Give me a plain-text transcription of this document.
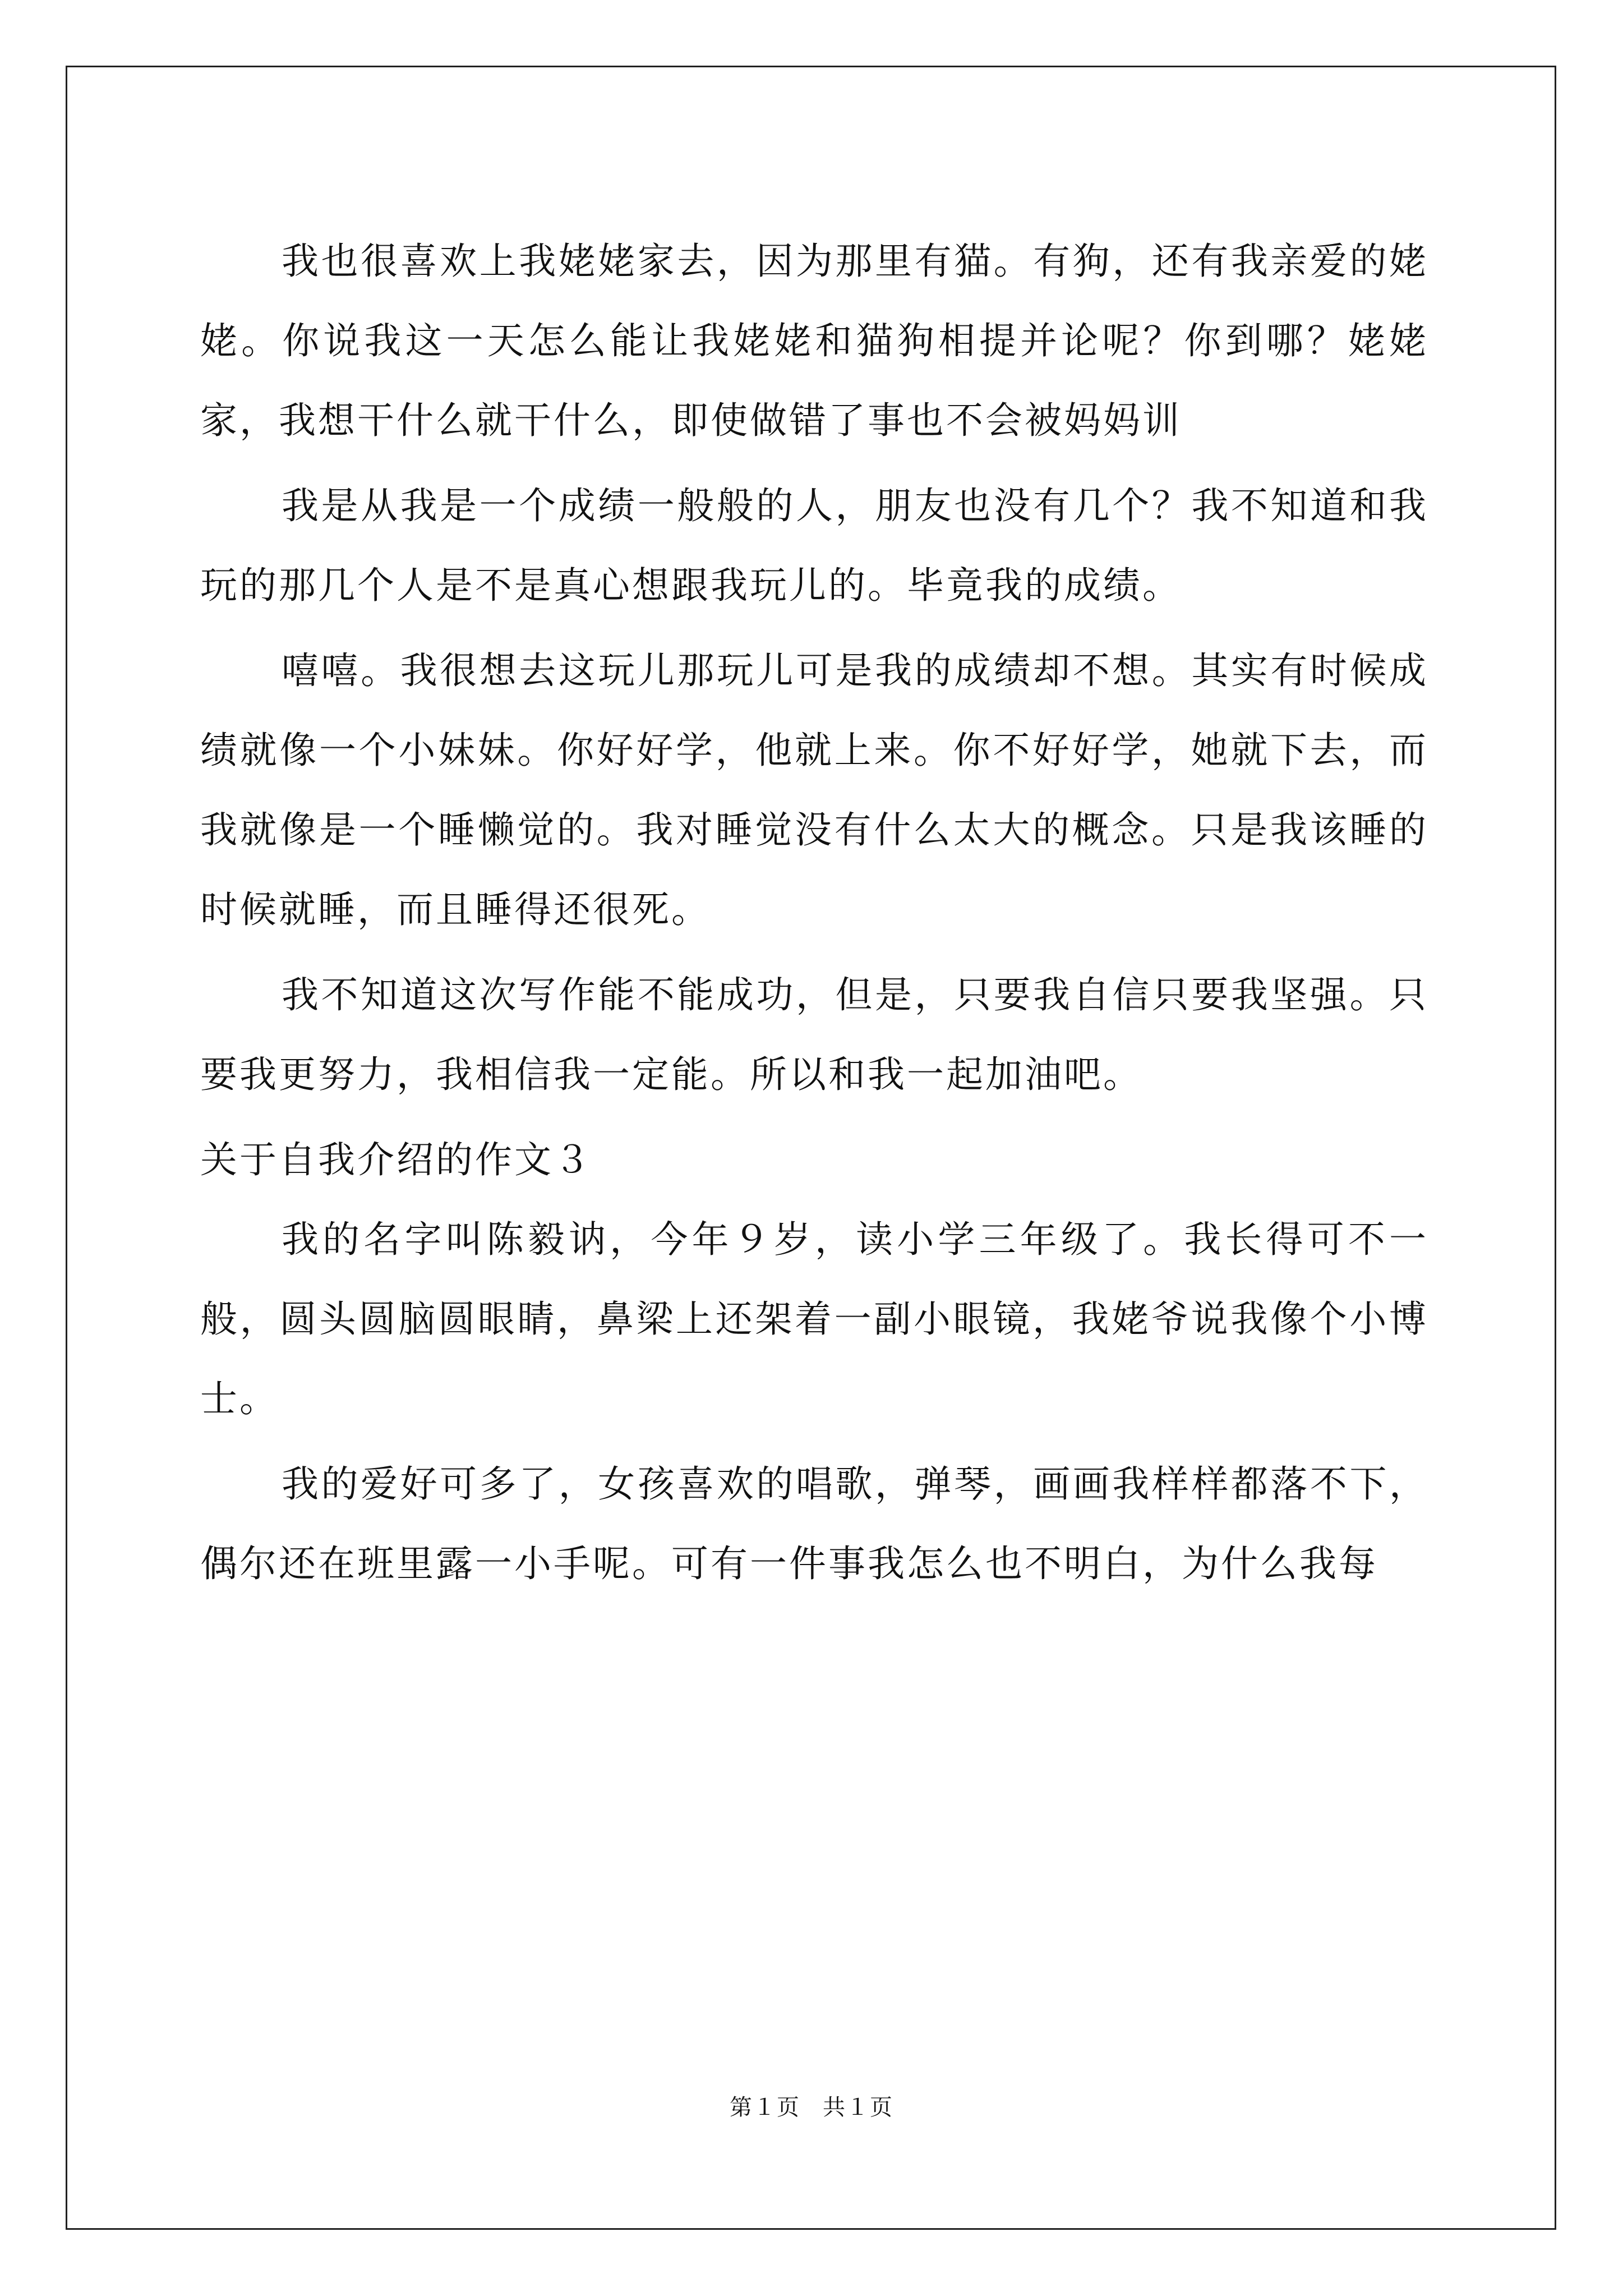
我也很喜欢上我姥姥家去，因为那里有猫。有狗，还有我亲爱的姥姥。你说我这一天怎么能让我姥姥和猫狗相提并论呢？你到哪？姥姥家，我想干什么就干什么，即使做错了事也不会被妈妈训

我是从我是一个成绩一般般的人，朋友也没有几个？我不知道和我玩的那几个人是不是真心想跟我玩儿的。毕竟我的成绩。

嘻嘻。我很想去这玩儿那玩儿可是我的成绩却不想。其实有时候成绩就像一个小妹妹。你好好学，他就上来。你不好好学，她就下去，而我就像是一个睡懒觉的。我对睡觉没有什么太大的概念。只是我该睡的时候就睡，而且睡得还很死。

我不知道这次写作能不能成功，但是，只要我自信只要我坚强。只要我更努力，我相信我一定能。所以和我一起加油吧。

关于自我介绍的作文３

我的名字叫陈毅讷，今年９岁，读小学三年级了。我长得可不一般，圆头圆脑圆眼睛，鼻梁上还架着一副小眼镜，我姥爷说我像个小博士。

我的爱好可多了，女孩喜欢的唱歌，弹琴，画画我样样都落不下，偶尔还在班里露一小手呢。可有一件事我怎么也不明白，为什么我每

第１页 共１页
